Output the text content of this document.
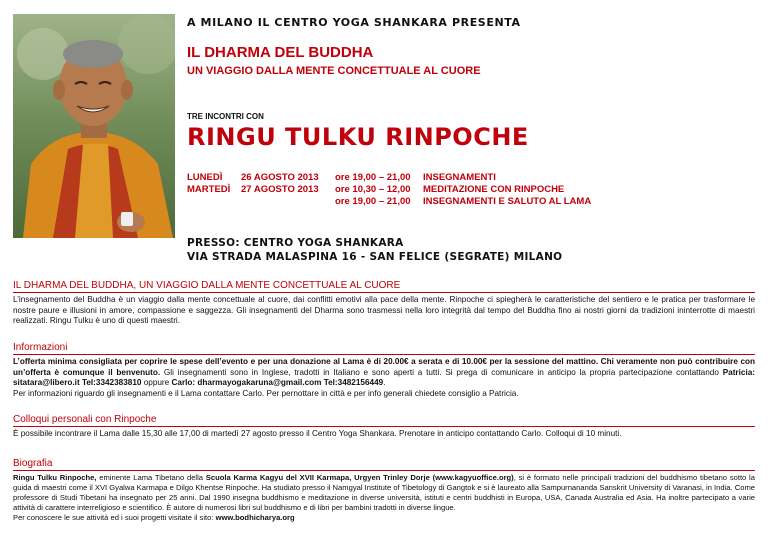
A MILANO IL CENTRO YOGA SHANKARA PRESENTA
IL DHARMA DEL BUDDHA
UN VIAGGIO DALLA MENTE CONCETTUALE AL CUORE
TRE INCONTRI CON
RINGU TULKU RINPOCHE
LUNEDÌ 26 AGOSTO 2013 ore 19,00 – 21,00 INSEGNAMENTI
MARTEDÌ 27 AGOSTO 2013 ore 10,30 – 12,00 MEDITAZIONE CON RINPOCHE
ore 19,00 – 21,00 INSEGNAMENTI E SALUTO AL LAMA
PRESSO: CENTRO YOGA SHANKARA
VIA STRADA MALASPINA 16 - SAN FELICE (SEGRATE) MILANO
IL DHARMA DEL BUDDHA, UN VIAGGIO DALLA MENTE CONCETTUALE AL CUORE

L’insegnamento del Buddha è un viaggio dalla mente concettuale al cuore, dai conflitti emotivi alla pace della mente. Rinpoche ci spiegherà le caratteristiche del sentiero e le pratica per trasformare le nostre paure e illusioni in amore, compassione e saggezza. Gli insegnamenti del Dharma sono trasmessi nella loro integrità dal tempo del Buddha fino ai nostri giorni da tradizioni ininterrotte di maestri realizzati. Ringu Tulku è uno di questi maestri.

Informazioni

L’offerta minima consigliata per coprire le spese dell’evento e per una donazione al Lama è di 20.00€ a serata e di 10.00€ per la sessione del mattino. Chi veramente non può contribuire con un’offerta è comunque il benvenuto. Gli insegnamenti sono in Inglese, tradotti in Italiano e sono aperti a tutti. Si prega di comunicare in anticipo la propria partecipazione contattando Patricia: sitatara@libero.it Tel:3342383810 oppure Carlo: dharmayogakaruna@gmail.com Tel:3482156449.
Per informazioni riguardo gli insegnamenti e il Lama contattare Carlo. Per pernottare in città e per info generali chiedete consiglio a Patricia.

Colloqui personali con Rinpoche

È possibile incontrare il Lama dalle 15,30 alle 17,00 di martedì 27 agosto presso il Centro Yoga Shankara. Prenotare in anticipo contattando Carlo. Colloqui di 10 minuti.

Biografia

Ringu Tulku Rinpoche, eminente Lama Tibetano della Scuola Karma Kagyu del XVII Karmapa, Urgyen Trinley Dorje (www.kagyuoffice.org), si è formato nelle principali tradizioni del buddhismo tibetano sotto la guida di maestri come il XVI Gyalwa Karmapa e Dilgo Khentse Rinpoche. Ha studiato presso il Namgyal Institute of Tibetology di Gangtok e si è laureato alla Sampurnananda Sanskrit University di Varanasi, in India. Come professore di Studi Tibetani ha insegnato per 25 anni. Dal 1990 insegna buddhismo e meditazione in diverse università, istituti e centri buddhisti in Europa, USA, Canada Australia ed Asia. Ha inoltre partecipato a varie attività di carattere interreligioso e scientifico. È autore di numerosi libri sul buddhismo e di libri per bambini tradotti in diverse lingue.
Per conoscere le sue attività ed i suoi progetti visitate il sito: www.bodhicharya.org
